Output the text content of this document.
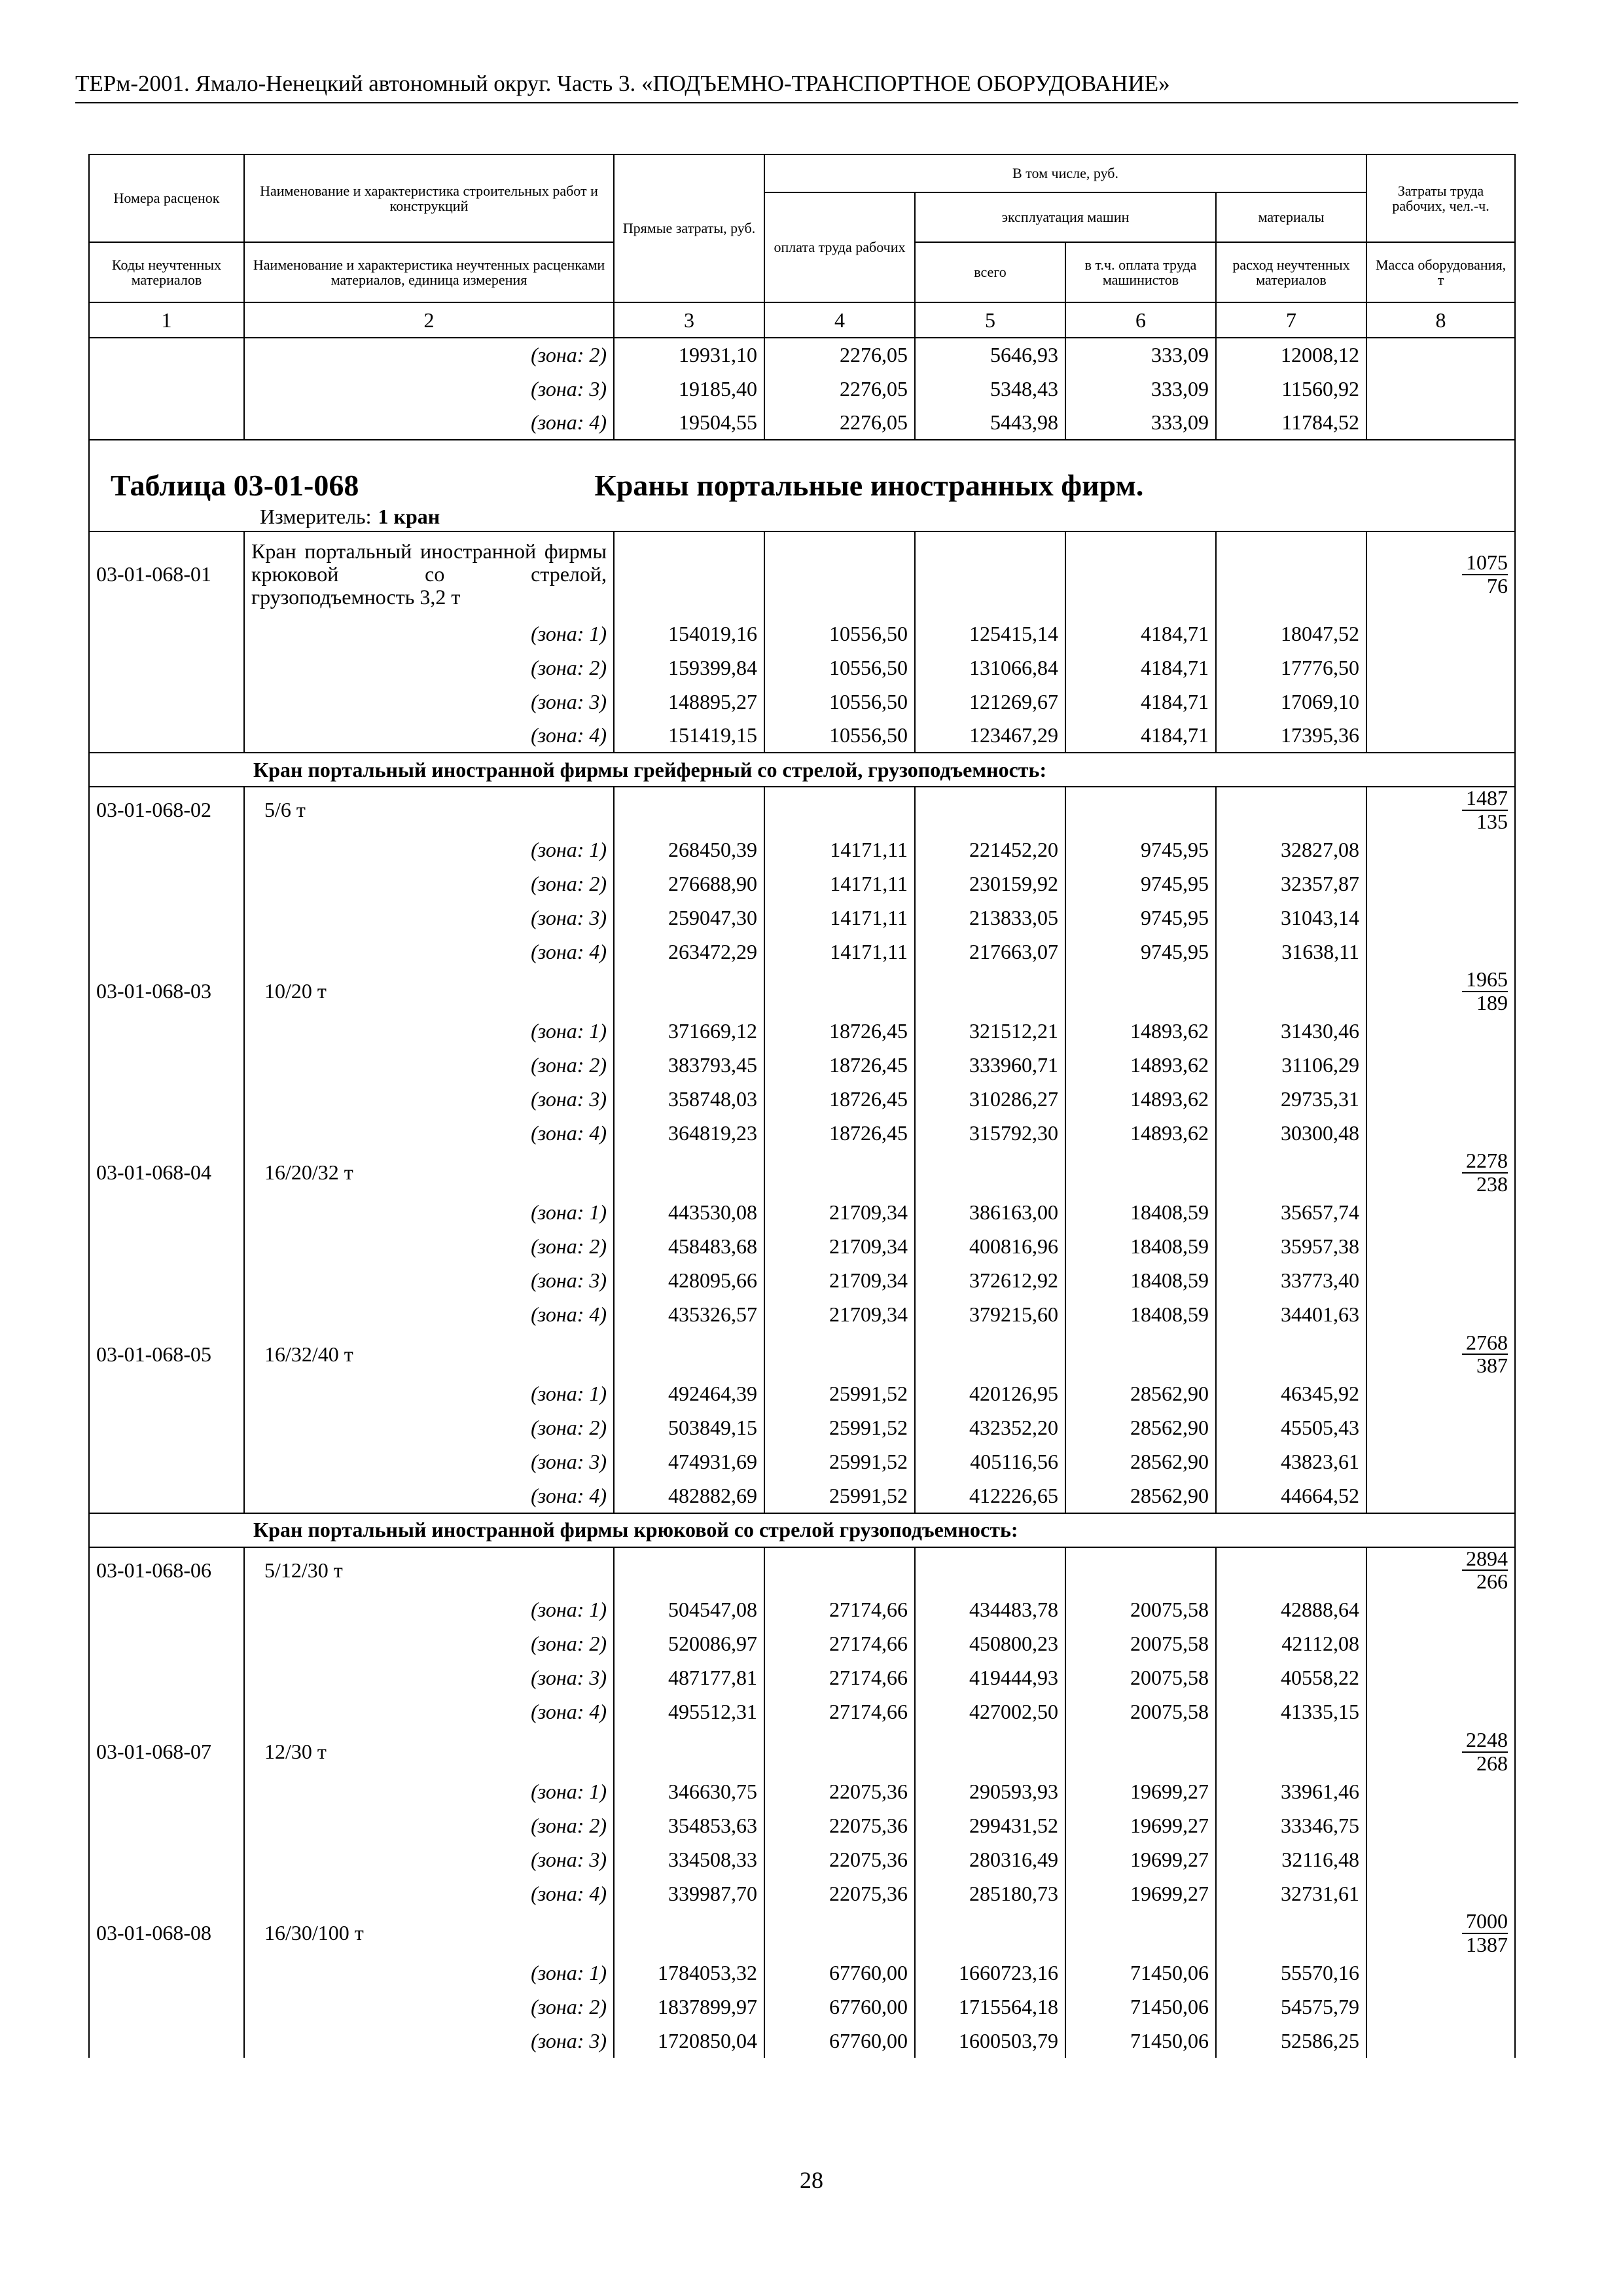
ТЕРм-2001. Ямало-Ненецкий автономный округ. Часть 3. «ПОДЪЕМНО-ТРАНСПОРТНОЕ ОБОРУДОВАНИЕ»
Номера расценок	Наименование и характеристика строительных работ и конструкций	Прямые затраты, руб.	В том числе, руб.				Затраты труда рабочих, чел.-ч.
			оплата труда рабочих	эксплуатация машин		материалы	
Коды неучтенных материалов	Наименование и характеристика неучтенных расценками материалов, единица измерения			всего	в т.ч. оплата труда машинистов	расход неучтенных материалов	Масса оборудования, т
1	2	3	4	5	6	7	8
	(зона: 2)	19931,10	2276,05	5646,93	333,09	12008,12	
	(зона: 3)	19185,40	2276,05	5348,43	333,09	11560,92	
	(зона: 4)	19504,55	2276,05	5443,98	333,09	11784,52	
Таблица 03-01-068 Краны портальные иностранных фирм.							
Измеритель: 1 кран							
03-01-068-01	Кран портальный иностранной фирмы крюковой со стрелой, грузоподъемность 3,2 т						$\frac{1075}{76}$

	(зона: 1)	154019,16	10556,50	125415,14	4184,71	18047,52	
	(зона: 2)	159399,84	10556,50	131066,84	4184,71	17776,50	
	(зона: 3)	148895,27	10556,50	121269,67	4184,71	17069,10	
	(зона: 4)	151419,15	10556,50	123467,29	4184,71	17395,36	
Кран портальный иностранной фирмы грейферный со стрелой, грузоподъемность:							
03-01-068-02	5/6 т						$\frac{1487}{135}$

	(зона: 1)	268450,39	14171,11	221452,20	9745,95	32827,08	
	(зона: 2)	276688,90	14171,11	230159,92	9745,95	32357,87	
	(зона: 3)	259047,30	14171,11	213833,05	9745,95	31043,14	
	(зона: 4)	263472,29	14171,11	217663,07	9745,95	31638,11	
03-01-068-03	10/20 т						$\frac{1965}{189}$

	(зона: 1)	371669,12	18726,45	321512,21	14893,62	31430,46	
	(зона: 2)	383793,45	18726,45	333960,71	14893,62	31106,29	
	(зона: 3)	358748,03	18726,45	310286,27	14893,62	29735,31	
	(зона: 4)	364819,23	18726,45	315792,30	14893,62	30300,48	
03-01-068-04	16/20/32 т						$\frac{2278}{238}$

	(зона: 1)	443530,08	21709,34	386163,00	18408,59	35657,74	
	(зона: 2)	458483,68	21709,34	400816,96	18408,59	35957,38	
	(зона: 3)	428095,66	21709,34	372612,92	18408,59	33773,40	
	(зона: 4)	435326,57	21709,34	379215,60	18408,59	34401,63	
03-01-068-05	16/32/40 т						$\frac{2768}{387}$

	(зона: 1)	492464,39	25991,52	420126,95	28562,90	46345,92	
	(зона: 2)	503849,15	25991,52	432352,20	28562,90	45505,43	
	(зона: 3)	474931,69	25991,52	405116,56	28562,90	43823,61	
	(зона: 4)	482882,69	25991,52	412226,65	28562,90	44664,52	
Кран портальный иностранной фирмы крюковой со стрелой грузоподъемность:							
03-01-068-06	5/12/30 т						$\frac{2894}{266}$

	(зона: 1)	504547,08	27174,66	434483,78	20075,58	42888,64	
	(зона: 2)	520086,97	27174,66	450800,23	20075,58	42112,08	
	(зона: 3)	487177,81	27174,66	419444,93	20075,58	40558,22	
	(зона: 4)	495512,31	27174,66	427002,50	20075,58	41335,15	
03-01-068-07	12/30 т						$\frac{2248}{268}$

	(зона: 1)	346630,75	22075,36	290593,93	19699,27	33961,46	
	(зона: 2)	354853,63	22075,36	299431,52	19699,27	33346,75	
	(зона: 3)	334508,33	22075,36	280316,49	19699,27	32116,48	
	(зона: 4)	339987,70	22075,36	285180,73	19699,27	32731,61	
03-01-068-08	16/30/100 т						$\frac{7000}{1387}$

	(зона: 1)	1784053,32	67760,00	1660723,16	71450,06	55570,16	
	(зона: 2)	1837899,97	67760,00	1715564,18	71450,06	54575,79	
	(зона: 3)	1720850,04	67760,00	1600503,79	71450,06	52586,25	
28
